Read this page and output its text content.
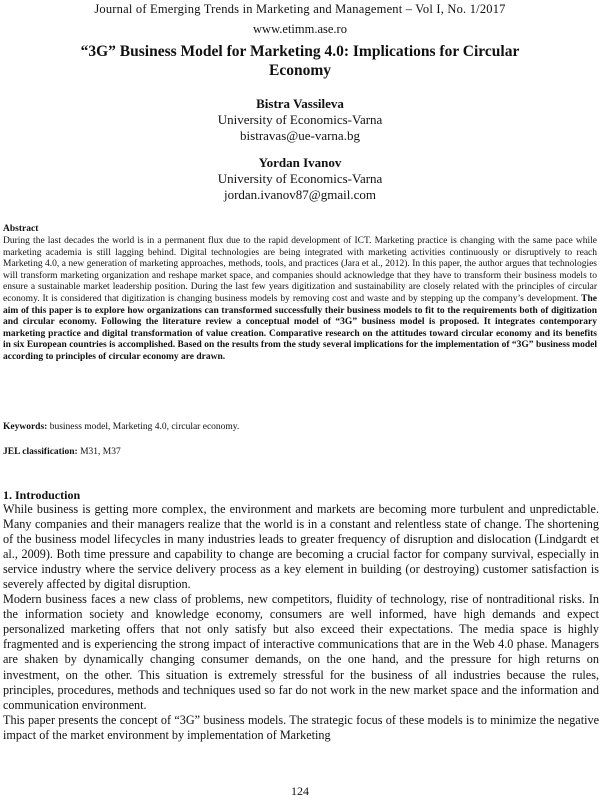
Journal of Emerging Trends in Marketing and Management – Vol I, No. 1/2017
www.etimm.ase.ro
“3G” Business Model for Marketing 4.0: Implications for Circular Economy
Bistra Vassileva
University of Economics-Varna
bistravas@ue-varna.bg
Yordan Ivanov
University of Economics-Varna
jordan.ivanov87@gmail.com
Abstract
During the last decades the world is in a permanent flux due to the rapid development of ICT. Marketing practice is changing with the same pace while marketing academia is still lagging behind. Digital technologies are being integrated with marketing activities continuously or disruptively to reach Marketing 4.0, a new generation of marketing approaches, methods, tools, and practices (Jara et al., 2012). In this paper, the author argues that technologies will transform marketing organization and reshape market space, and companies should acknowledge that they have to transform their business models to ensure a sustainable market leadership position. During the last few years digitization and sustainability are closely related with the principles of circular economy. It is considered that digitization is changing business models by removing cost and waste and by stepping up the company’s development. The aim of this paper is to explore how organizations can transformed successfully their business models to fit to the requirements both of digitization and circular economy. Following the literature review a conceptual model of “3G” business model is proposed. It integrates contemporary marketing practice and digital transformation of value creation. Comparative research on the attitudes toward circular economy and its benefits in six European countries is accomplished. Based on the results from the study several implications for the implementation of “3G” business model according to principles of circular economy are drawn.
Keywords: business model, Marketing 4.0, circular economy.
JEL classification: M31, M37
1. Introduction

While business is getting more complex, the environment and markets are becoming more turbulent and unpredictable. Many companies and their managers realize that the world is in a constant and relentless state of change. The shortening of the business model lifecycles in many industries leads to greater frequency of disruption and dislocation (Lindgardt et al., 2009). Both time pressure and capability to change are becoming a crucial factor for company survival, especially in service industry where the service delivery process as a key element in building (or destroying) customer satisfaction is severely affected by digital disruption.

Modern business faces a new class of problems, new competitors, fluidity of technology, rise of nontraditional risks. In the information society and knowledge economy, consumers are well informed, have high demands and expect personalized marketing offers that not only satisfy but also exceed their expectations. The media space is highly fragmented and is experiencing the strong impact of interactive communications that are in the Web 4.0 phase. Managers are shaken by dynamically changing consumer demands, on the one hand, and the pressure for high returns on investment, on the other. This situation is extremely stressful for the business of all industries because the rules, principles, procedures, methods and techniques used so far do not work in the new market space and the information and communication environment.

This paper presents the concept of “3G” business models. The strategic focus of these models is to minimize the negative impact of the market environment by implementation of Marketing

124
